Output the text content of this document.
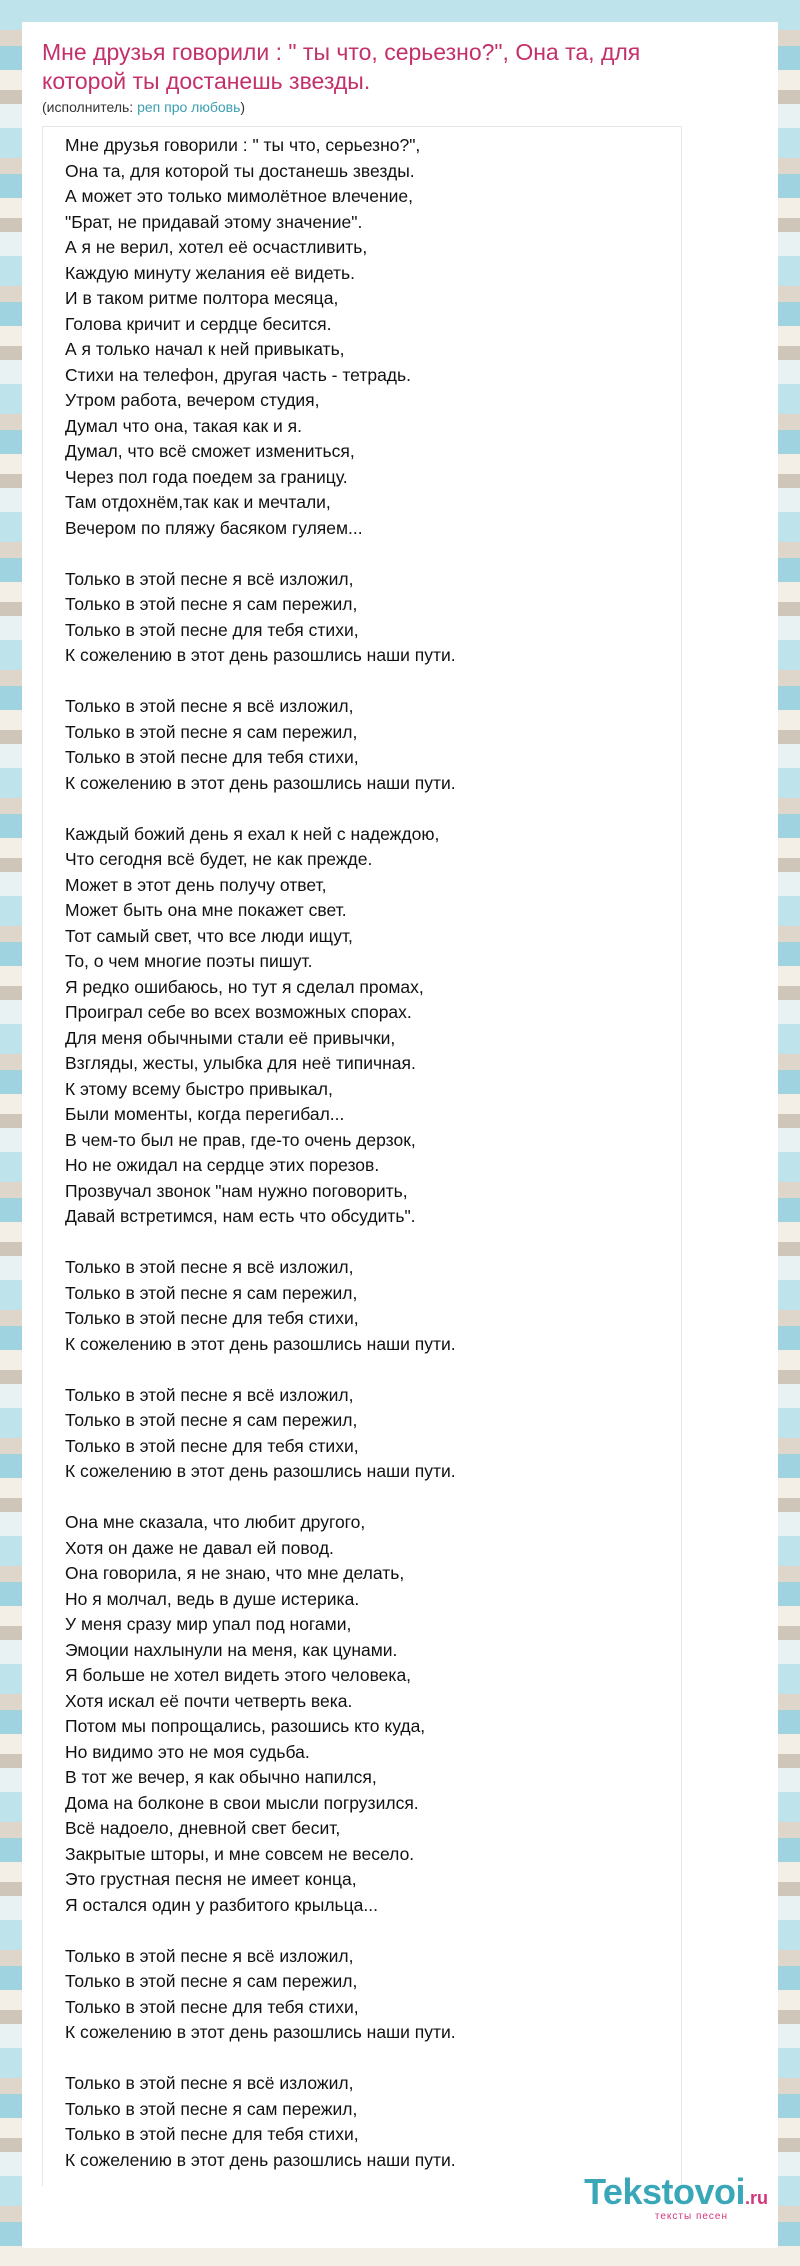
Мне друзья говорили : " ты что, серьезно?", Она та, для которой ты достанешь звезды.
(исполнитель: реп про любовь)
Мне друзья говорили : " ты что, серьезно?",
Она та, для которой ты достанешь звезды.
А может это только мимолётное влечение,
"Брат, не придавай этому значение".
А я не верил, хотел её осчастливить,
Каждую минуту желания её видеть.
И в таком ритме полтора месяца,
Голова кричит и сердце бесится.
А я только начал к ней привыкать,
Стихи на телефон, другая часть - тетрадь.
Утром работа, вечером студия,
Думал что она, такая как и я.
Думал, что всё сможет измениться,
Через пол года поедем за границу.
Там отдохнём,так как и мечтали,
Вечером по пляжу басяком гуляем...
Только в этой песне я всё изложил,
Только в этой песне я сам пережил,
Только в этой песне для тебя стихи,
К сожелению в этот день разошлись наши пути.
Только в этой песне я всё изложил,
Только в этой песне я сам пережил,
Только в этой песне для тебя стихи,
К сожелению в этот день разошлись наши пути.
Каждый божий день я ехал к ней с надеждою,
Что сегодня всё будет, не как прежде.
Может в этот день получу ответ,
Может быть она мне покажет свет.
Тот самый свет, что все люди ищут,
То, о чем многие поэты пишут.
Я редко ошибаюсь, но тут я сделал промах,
Проиграл себе во всех возможных спорах.
Для меня обычными стали её привычки,
Взгляды, жесты, улыбка для неё типичная.
К этому всему быстро привыкал,
Были моменты, когда перегибал...
В чем-то был не прав, где-то очень дерзок,
Но не ожидал на сердце этих порезов.
Прозвучал звонок "нам нужно поговорить,
Давай встретимся, нам есть что обсудить".
Только в этой песне я всё изложил,
Только в этой песне я сам пережил,
Только в этой песне для тебя стихи,
К сожелению в этот день разошлись наши пути.
Только в этой песне я всё изложил,
Только в этой песне я сам пережил,
Только в этой песне для тебя стихи,
К сожелению в этот день разошлись наши пути.
Она мне сказала, что любит другого,
Хотя он даже не давал ей повод.
Она говорила, я не знаю, что мне делать,
Но я молчал, ведь в душе истерика.
У меня сразу мир упал под ногами,
Эмоции нахлынули на меня, как цунами.
Я больше не хотел видеть этого человека,
Хотя искал её почти четверть века.
Потом мы попрощались, разошись кто куда,
Но видимо это не моя судьба.
В тот же вечер, я как обычно напился,
Дома на болконе в свои мысли погрузился.
Всё надоело, дневной свет бесит,
Закрытые шторы, и мне совсем не весело.
Это грустная песня не имеет конца,
Я остался один у разбитого крыльца...
Только в этой песне я всё изложил,
Только в этой песне я сам пережил,
Только в этой песне для тебя стихи,
К сожелению в этот день разошлись наши пути.
Только в этой песне я всё изложил,
Только в этой песне я сам пережил,
Только в этой песне для тебя стихи,
К сожелению в этот день разошлись наши пути.
Tekstovoi.ru
тексты песен
